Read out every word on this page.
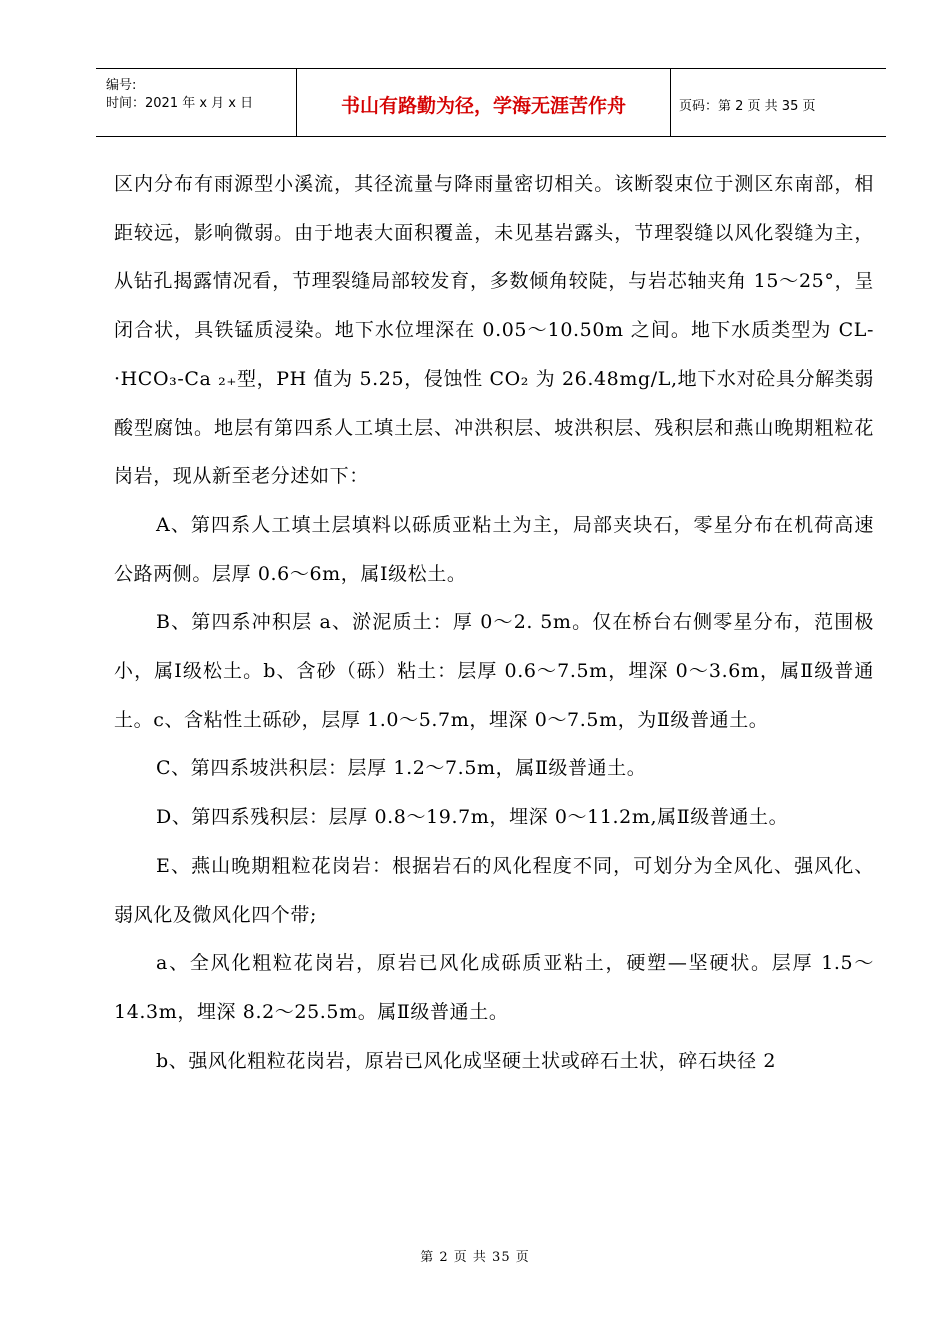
编号:
时间：2021 年 x 月 x 日	书山有路勤为径，学海无涯苦作舟	页码：第 2 页 共 35 页

区内分布有雨源型小溪流，其径流量与降雨量密切相关。该断裂束位于测区东南部，相距较远，影响微弱。由于地表大面积覆盖，未见基岩露头，节理裂缝以风化裂缝为主，从钻孔揭露情况看，节理裂缝局部较发育，多数倾角较陡，与岩芯轴夹角 15～25°，呈闭合状，具铁锰质浸染。地下水位埋深在 0.05～10.50m 之间。地下水质类型为 CL-·HCO₃-Ca ₂₊型，PH 值为 5.25，侵蚀性 CO₂ 为 26.48mg/L,地下水对砼具分解类弱酸型腐蚀。地层有第四系人工填土层、冲洪积层、坡洪积层、残积层和燕山晚期粗粒花岗岩，现从新至老分述如下：

A、第四系人工填土层填料以砾质亚粘土为主，局部夹块石，零星分布在机荷高速公路两侧。层厚 0.6～6m，属Ⅰ级松土。

B、第四系冲积层 a、淤泥质土：厚 0～2. 5m。仅在桥台右侧零星分布，范围极小，属Ⅰ级松土。b、含砂（砾）粘土：层厚 0.6～7.5m，埋深 0～3.6m，属Ⅱ级普通土。c、含粘性土砾砂，层厚 1.0～5.7m，埋深 0～7.5m，为Ⅱ级普通土。

C、第四系坡洪积层：层厚 1.2～7.5m，属Ⅱ级普通土。

D、第四系残积层：层厚 0.8～19.7m，埋深 0～11.2m,属Ⅱ级普通土。

E、燕山晚期粗粒花岗岩：根据岩石的风化程度不同，可划分为全风化、强风化、弱风化及微风化四个带;

a、全风化粗粒花岗岩，原岩已风化成砾质亚粘土，硬塑—坚硬状。层厚 1.5～14.3m，埋深 8.2～25.5m。属Ⅱ级普通土。

b、强风化粗粒花岗岩，原岩已风化成坚硬土状或碎石土状，碎石块径 2

第 2 页 共 35 页
